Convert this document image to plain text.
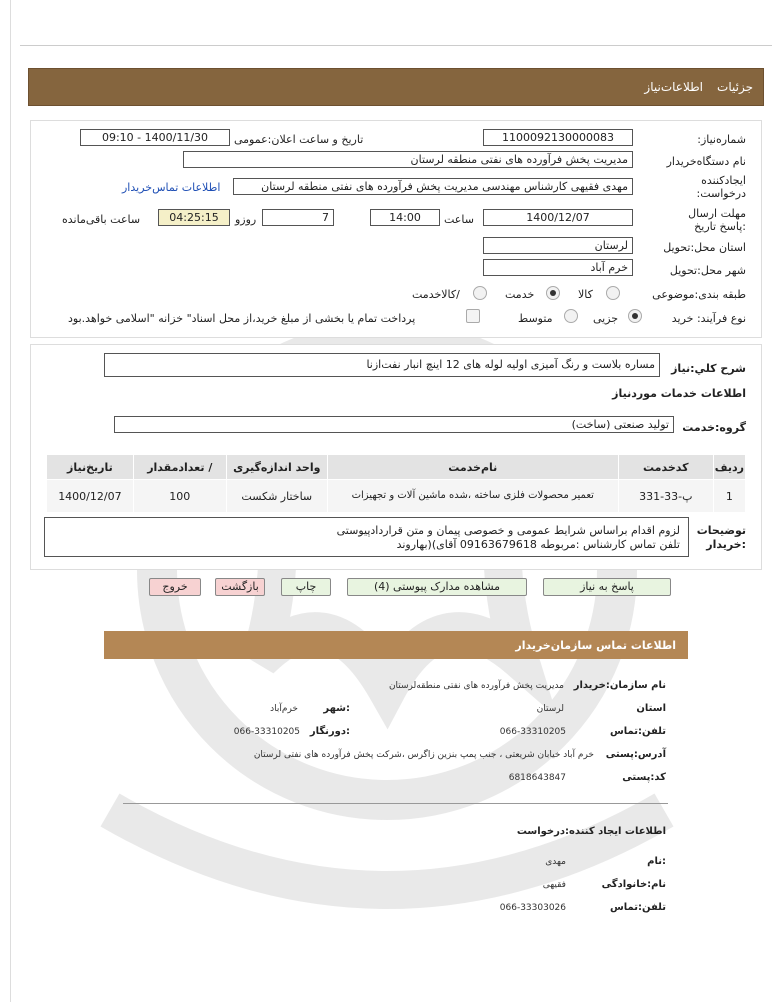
جزئیات
اطلاعات‌نیاز
شماره‌نیاز:
1100092130000083
تاریخ و ساعت اعلان:عمومی
1400/11/30 - 09:10
نام دستگاه‌خریدار
مدیریت پخش فرآورده های نفتی منطقه لرستان
ایجادکننده درخواست:
مهدی فقیهی کارشناس مهندسی مدیریت پخش فرآورده های نفتی منطقه لرستان
اطلاعات تماس‌خریدار
مهلت ارسال :پاسخ تاریخ
1400/12/07
ساعت
14:00
7
روزو
04:25:15
ساعت باقی‌مانده
استان محل:تحویل
لرستان
شهر محل:تحویل
خرم آباد
طبقه بندی:موضوعی
کالا
خدمت
/کالاخدمت
نوع فرآیند: خرید
جزیی
متوسط
پرداخت تمام یا بخشی از مبلغ خرید،از محل اسناد" خزانه "اسلامی خواهد.بود
شرح کلي:نياز
مساره بلاست و رنگ آمیزی اولیه لوله های 12 اینچ انبار نفت‌ازنا
اطلاعات خدمات موردنیاز
گروه:خدمت
تولید صنعتی (ساخت)
ردیف	کدخدمت	نام‌خدمت	واحد اندازه‌گیری	/ تعدادمقدار	تاریخ‌نیاز
1	پ-33-331	تعمیر محصولات فلزی ساخته ،شده ماشین آلات و تجهیزات	ساختار شکست	100	1400/12/07
توضیحات :خریدار
لزوم اقدام براساس شرایط عمومی و خصوصی پیمان و متن قراردادپیوستی
تلفن تماس کارشناس :مربوطه 09163679618 آقای)(بهاروند
پاسخ به نیاز
مشاهده مدارک پیوستی (4)
چاپ
بازگشت
خروج
اطلاعات تماس سازمان‌خریدار
نام سازمان:خریدار
مدیریت پخش فرآورده های نفتی منطقه‌لرستان
استان
لرستان
:شهر
خرم‌آباد
تلفن:تماس
066-33310205
:دورنگار
066-33310205
آدرس:پستی
خرم آباد خیابان شریعتی ، جنب پمپ بنزین زاگرس ،شرکت پخش فرآورده های نفتی لرستان
کد:پستی
6818643847
اطلاعات ایجاد کننده:درخواست
:نام
مهدی
نام:خانوادگی
فقیهی
تلفن:تماس
066-33303026
